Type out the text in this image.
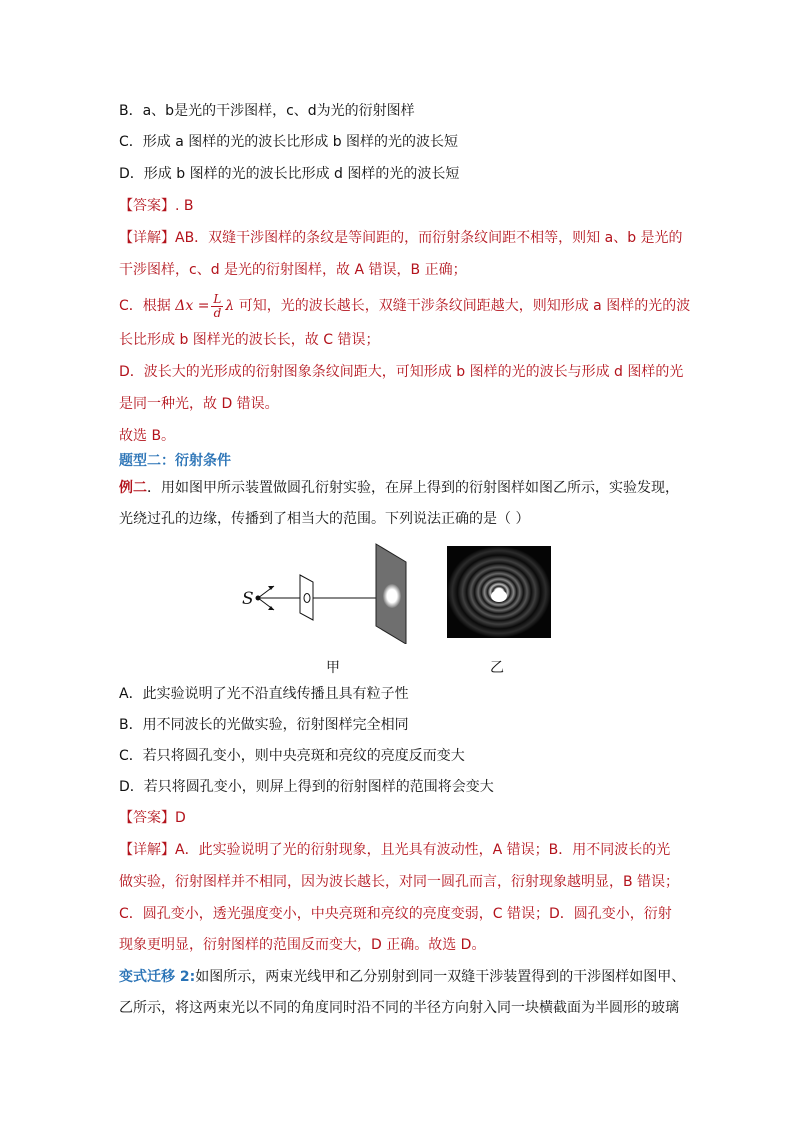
B．a、b是光的干涉图样，c、d为光的衍射图样
C．形成 a 图样的光的波长比形成 b 图样的光的波长短
D．形成 b 图样的光的波长比形成 d 图样的光的波长短
【答案】. B
【详解】AB．双缝干涉图样的条纹是等间距的，而衍射条纹间距不相等，则知 a、b 是光的
干涉图样，c、d 是光的衍射图样，故 A 错误，B 正确；
C．根据 $\Delta x = \frac{L}{d}$ λ 可知，光的波长越长，双缝干涉条纹间距越大，则知形成 a 图样的光的波
长比形成 b 图样光的波长长，故 C 错误；
D．波长大的光形成的衍射图象条纹间距大，可知形成 b 图样的光的波长与形成 d 图样的光
是同一种光，故 D 错误。
故选 B。
题型二：衍射条件
例二．用如图甲所示装置做圆孔衍射实验，在屏上得到的衍射图样如图乙所示，实验发现，
光绕过孔的边缘，传播到了相当大的范围。下列说法正确的是（ ）
S
甲	乙
A．此实验说明了光不沿直线传播且具有粒子性
B．用不同波长的光做实验，衍射图样完全相同
C．若只将圆孔变小，则中央亮斑和亮纹的亮度反而变大
D．若只将圆孔变小，则屏上得到的衍射图样的范围将会变大
【答案】D
【详解】A．此实验说明了光的衍射现象，且光具有波动性，A 错误；B．用不同波长的光
做实验，衍射图样并不相同，因为波长越长，对同一圆孔而言，衍射现象越明显，B 错误；
C．圆孔变小，透光强度变小，中央亮斑和亮纹的亮度变弱，C 错误；D．圆孔变小，衍射
现象更明显，衍射图样的范围反而变大，D 正确。故选 D。
变式迁移 2:如图所示，两束光线甲和乙分别射到同一双缝干涉装置得到的干涉图样如图甲、
乙所示，将这两束光以不同的角度同时沿不同的半径方向射入同一块横截面为半圆形的玻璃
